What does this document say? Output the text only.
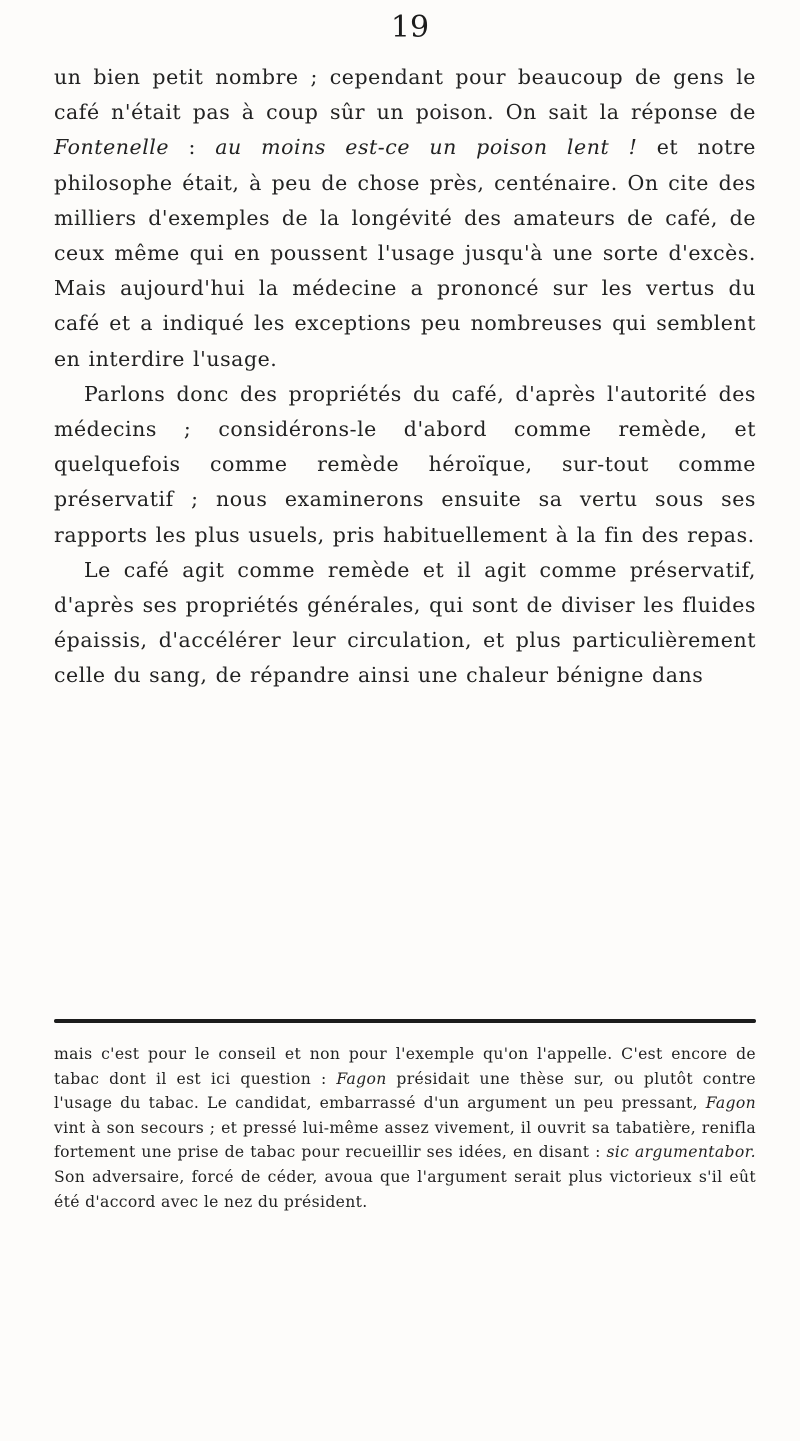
19

un bien petit nombre ; cependant pour beaucoup de gens le café n'était pas à coup sûr un poison. On sait la réponse de Fontenelle : au moins est-ce un poison lent ! et notre philosophe était, à peu de chose près, centénaire. On cite des milliers d'exemples de la longévité des amateurs de café, de ceux même qui en poussent l'usage jusqu'à une sorte d'excès. Mais aujourd'hui la médecine a prononcé sur les vertus du café et a indiqué les exceptions peu nombreuses qui semblent en interdire l'usage.

Parlons donc des propriétés du café, d'après l'autorité des médecins ; considérons-le d'abord comme remède, et quelquefois comme remède héroïque, sur-tout comme préservatif ; nous examinerons ensuite sa vertu sous ses rapports les plus usuels, pris habituellement à la fin des repas.

Le café agit comme remède et il agit comme préservatif, d'après ses propriétés générales, qui sont de diviser les fluides épaissis, d'accélérer leur circulation, et plus particulièrement celle du sang, de répandre ainsi une chaleur bénigne dans

mais c'est pour le conseil et non pour l'exemple qu'on l'appelle. C'est encore de tabac dont il est ici question : Fagon présidait une thèse sur, ou plutôt contre l'usage du tabac. Le candidat, embarrassé d'un argument un peu pressant, Fagon vint à son secours ; et pressé lui-même assez vivement, il ouvrit sa tabatière, renifla fortement une prise de tabac pour recueillir ses idées, en disant : sic argumentabor. Son adversaire, forcé de céder, avoua que l'argument serait plus victorieux s'il eût été d'accord avec le nez du président.
